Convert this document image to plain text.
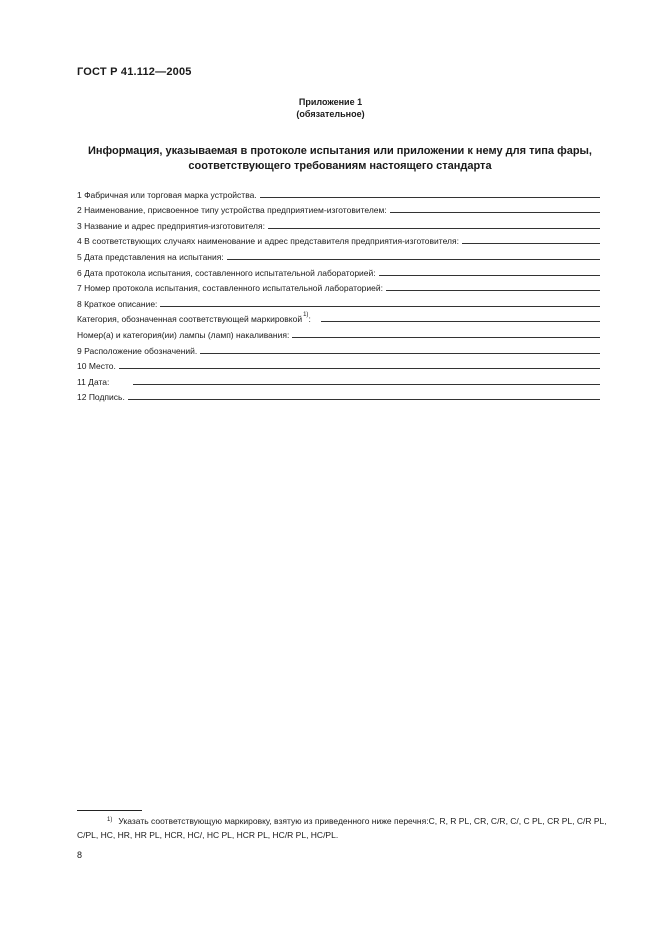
ГОСТ Р 41.112—2005
Приложение 1
(обязательное)
Информация, указываемая в протоколе испытания или приложении к нему для типа фары,
соответствующего требованиям настоящего стандарта
1 Фабричная или торговая марка устройства.
2 Наименование, присвоенное типу устройства предприятием-изготовителем:
3 Название и адрес предприятия-изготовителя:
4 В соответствующих случаях наименование и адрес представителя предприятия-изготовителя:
5 Дата представления на испытания:
6 Дата протокола испытания, составленного испытательной лабораторией:
7 Номер протокола испытания, составленного испытательной лабораторией:
8 Краткое описание:
Категория, обозначенная соответствующей маркировкой$^{1)}$:
Номер(а) и категория(ии) лампы (ламп) накаливания:
9 Расположение обозначений.
10 Место.
11 Дата:
12 Подпись.
$^{1)}$ Указать соответствующую маркировку, взятую из приведенного ниже перечня:С, R, R PL, CR, C/R, С/, С PL, CR PL, C/R PL, С/PL, НС, HR, HR PL, HCR, НС/, НС PL, HCR PL, HC/R PL, HC/PL.
8
